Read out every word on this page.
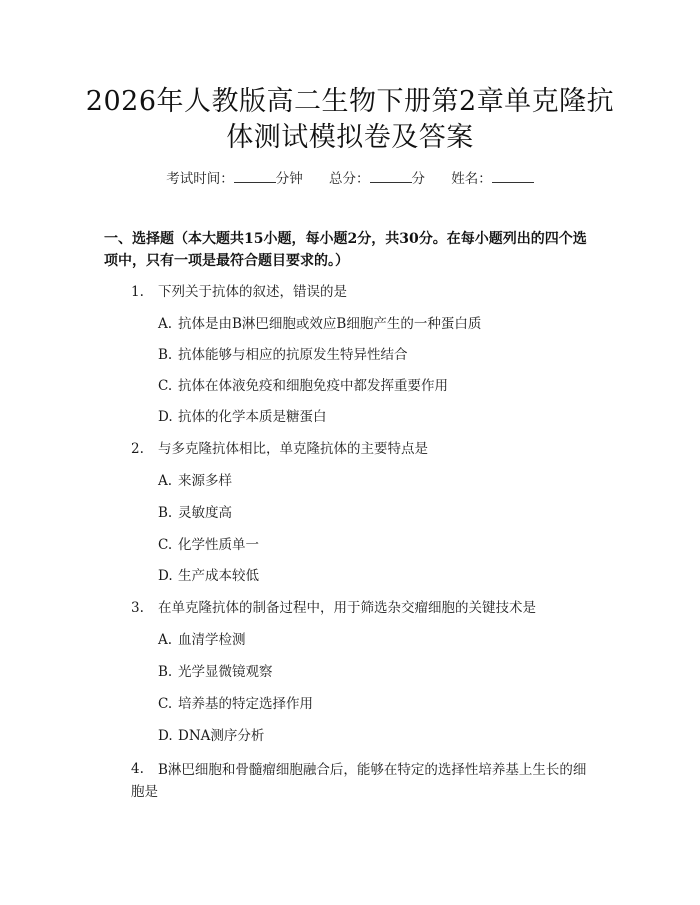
2026年人教版高二生物下册第2章单克隆抗
体测试模拟卷及答案
考试时间：	分钟 总分：	分 姓名：
一、选择题（本大题共15小题，每小题2分，共30分。在每小题列出的四个选
项中，只有一项是最符合题目要求的。）
1.	下列关于抗体的叙述，错误的是
A. 抗体是由B淋巴细胞或效应B细胞产生的一种蛋白质
B. 抗体能够与相应的抗原发生特异性结合
C. 抗体在体液免疫和细胞免疫中都发挥重要作用
D. 抗体的化学本质是糖蛋白
2.	与多克隆抗体相比，单克隆抗体的主要特点是
A. 来源多样
B. 灵敏度高
C. 化学性质单一
D. 生产成本较低
3.	在单克隆抗体的制备过程中，用于筛选杂交瘤细胞的关键技术是
A. 血清学检测
B. 光学显微镜观察
C. 培养基的特定选择作用
D. DNA测序分析
4.	B淋巴细胞和骨髓瘤细胞融合后，能够在特定的选择性培养基上生长的细
胞是
